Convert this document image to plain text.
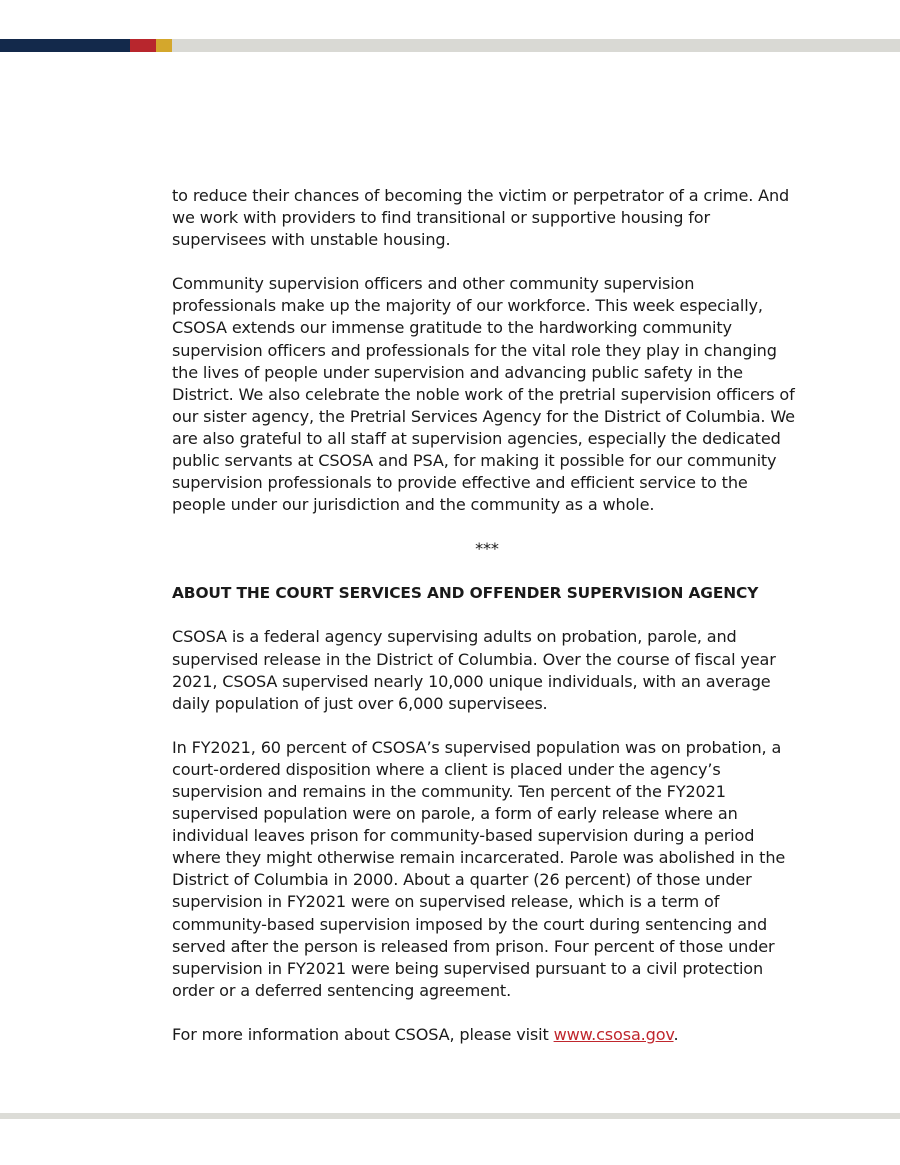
to reduce their chances of becoming the victim or perpetrator of a crime. And we work with providers to find transitional or supportive housing for supervisees with unstable housing.

Community supervision officers and other community supervision professionals make up the majority of our workforce. This week especially, CSOSA extends our immense gratitude to the hardworking community supervision officers and professionals for the vital role they play in changing the lives of people under supervision and advancing public safety in the District. We also celebrate the noble work of the pretrial supervision officers of our sister agency, the Pretrial Services Agency for the District of Columbia. We are also grateful to all staff at supervision agencies, especially the dedicated public servants at CSOSA and PSA, for making it possible for our community supervision professionals to provide effective and efficient service to the people under our jurisdiction and the community as a whole.

***
ABOUT THE COURT SERVICES AND OFFENDER SUPERVISION AGENCY

CSOSA is a federal agency supervising adults on probation, parole, and supervised release in the District of Columbia. Over the course of fiscal year 2021, CSOSA supervised nearly 10,000 unique individuals, with an average daily population of just over 6,000 supervisees.

In FY2021, 60 percent of CSOSA’s supervised population was on probation, a court-ordered disposition where a client is placed under the agency’s supervision and remains in the community. Ten percent of the FY2021 supervised population were on parole, a form of early release where an individual leaves prison for community-based supervision during a period where they might otherwise remain incarcerated. Parole was abolished in the District of Columbia in 2000. About a quarter (26 percent) of those under supervision in FY2021 were on supervised release, which is a term of community-based supervision imposed by the court during sentencing and served after the person is released from prison. Four percent of those under supervision in FY2021 were being supervised pursuant to a civil protection order or a deferred sentencing agreement.

For more information about CSOSA, please visit www.csosa.gov.
